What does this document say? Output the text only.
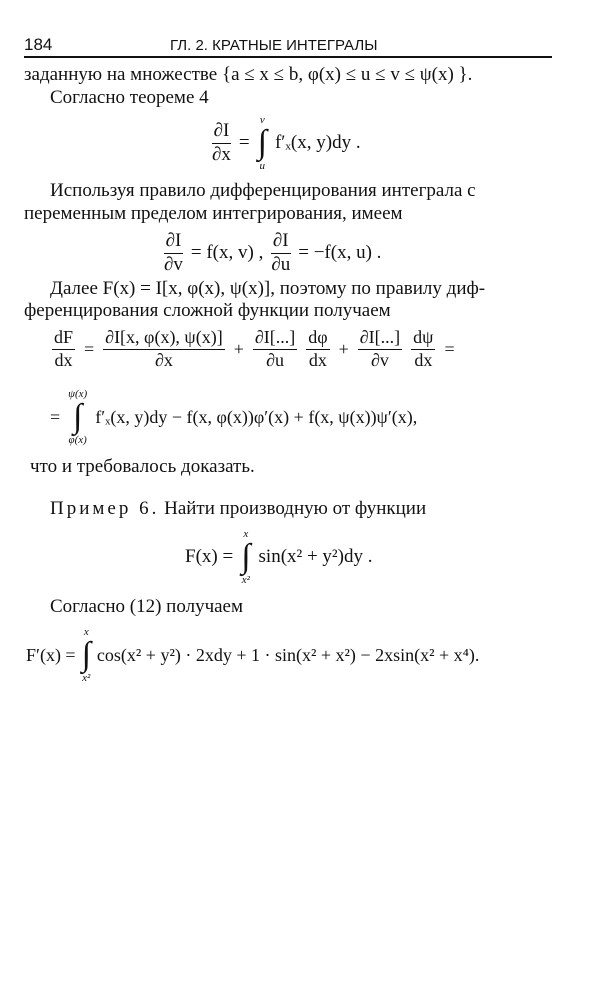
184	ГЛ. 2. КРАТНЫЕ ИНТЕГРАЛЫ
заданную на множестве {a ≤ x ≤ b, φ(x) ≤ u ≤ v ≤ ψ(x) }.
Согласно теореме 4
$\frac{\partial I}{\partial x}$ =
v
∫
u
f′ₓ(x, y)dy .
Используя правило дифференцирования интеграла с
переменным пределом интегрирования, имеем
$\frac{\partial I}{\partial v} = f(x$, v) , $\frac{\partial I}{\partial u} = -f(x$, u) .
Далее F(x) = I[x, φ(x), ψ(x)], поэтому по правилу диф-
ференцирования сложной функции получаем
$\frac{dF}{dx} = \frac{\partial I[x, \varphi(x), \psi(x)]}{\partial x} + \frac{\partial I[...]}{\partial u} \frac{d\varphi}{dx} + \frac{\partial I[...]}{\partial v} \frac{d\psi}{dx}$ =
=
ψ(x)
∫
φ(x)
f′ₓ(x, y)dy − f(x, φ(x))φ′(x) + f(x, ψ(x))ψ′(x),
что и требовалось доказать.
Пример 6. Найти производную от функции
F(x) =
x
∫
x²
sin(x² + y²)dy .
Согласно (12) получаем
F′(x) =
x
∫
x²
cos(x² + y²) · 2xdy + 1 · sin(x² + x²) − 2xsin(x² + x⁴).
